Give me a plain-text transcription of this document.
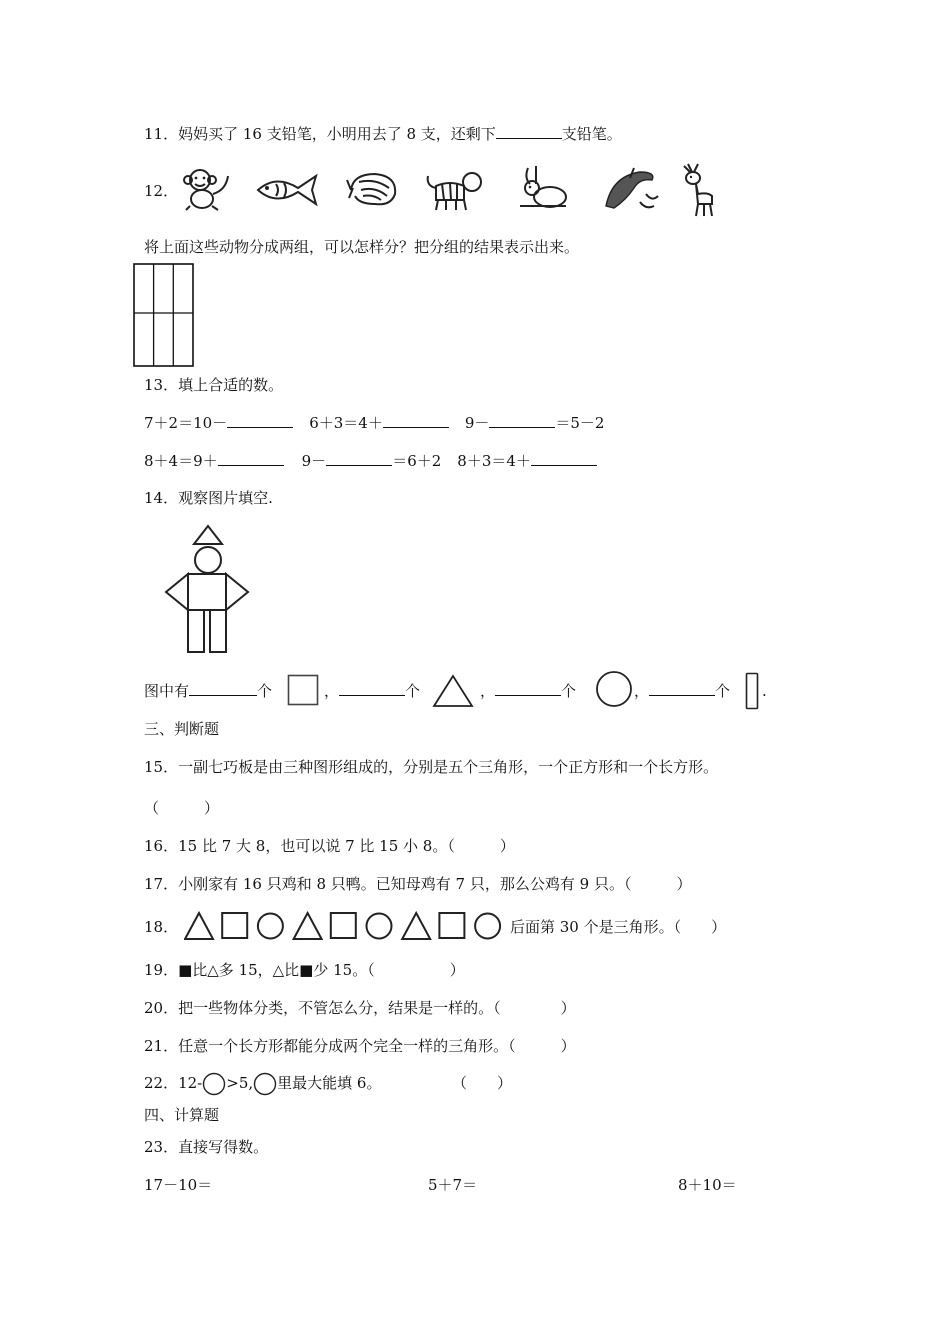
11．妈妈买了 16 支铅笔，小明用去了 8 支，还剩下	支铅笔。
12．
将上面这些动物分成两组，可以怎样分？把分组的结果表示出来。
13．填上合适的数。
7＋2＝10－	6＋3＝4＋	9－	＝5－2
8＋4＝9＋	9－	＝6＋2 8＋3＝4＋
14．观察图片填空.
图中有	个	，	个	，	个	，	个 .
三、判断题
15．一副七巧板是由三种图形组成的，分别是五个三角形，一个正方形和一个长方形。
（　　　）
16．15 比 7 大 8，也可以说 7 比 15 小 8。（　　　）
17．小刚家有 16 只鸡和 8 只鸭。已知母鸡有 7 只，那么公鸡有 9 只。（　　　）
18．	后面第 30 个是三角形。（　　）
19．■比△多 15，△比■少 15。（　　　　　）
20．把一些物体分类，不管怎么分，结果是一样的。（　　　　）
21．任意一个长方形都能分成两个完全一样的三角形。（　　　）
22．12- >5, 里最大能填 6。	（　　）
四、计算题
23．直接写得数。
17－10＝	5＋7＝	8＋10＝
